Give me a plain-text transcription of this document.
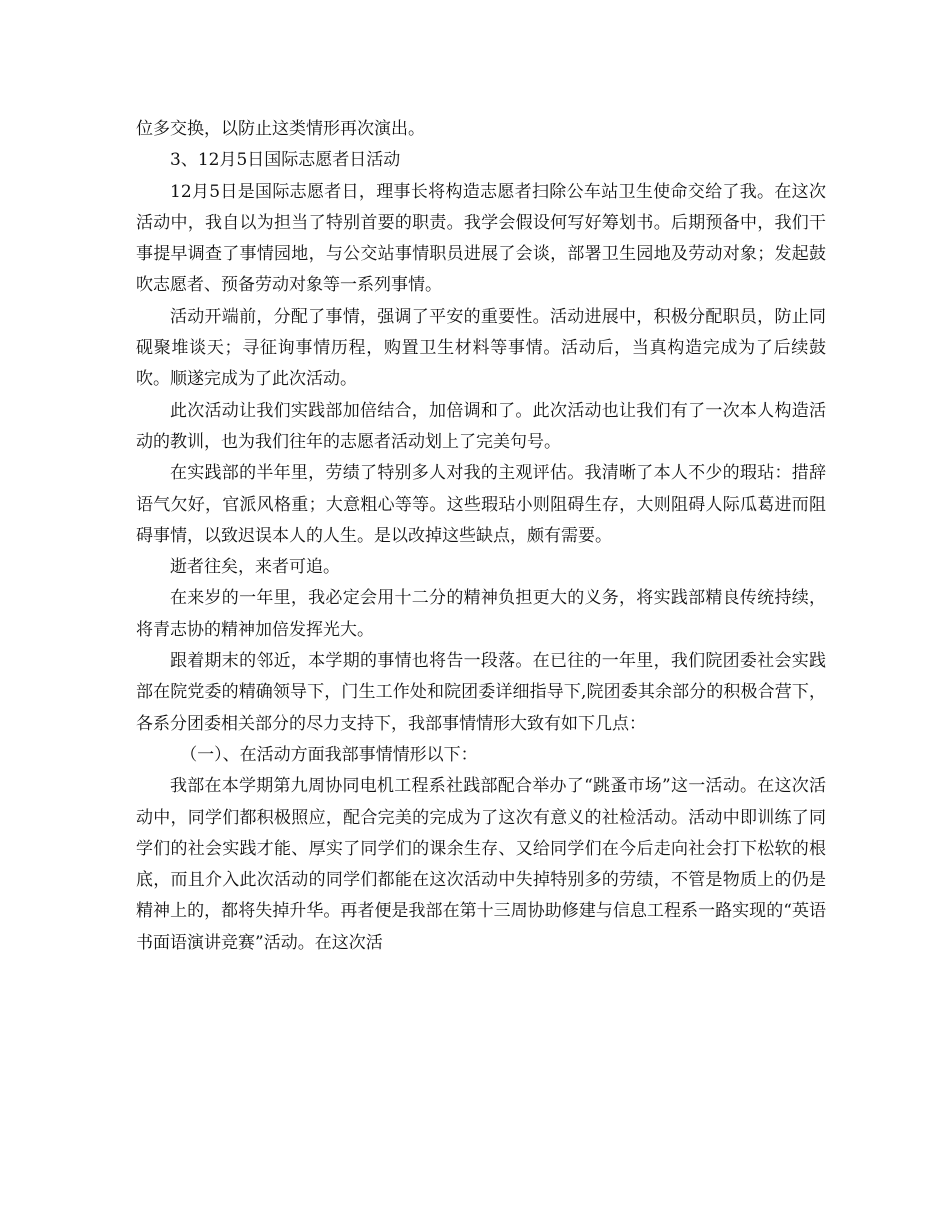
位多交换，以防止这类情形再次演出。

3、12月5日国际志愿者日活动

12月5日是国际志愿者日，理事长将构造志愿者扫除公车站卫生使命交给了我。在这次活动中，我自以为担当了特别首要的职责。我学会假设何写好筹划书。后期预备中，我们干事提早调查了事情园地，与公交站事情职员进展了会谈，部署卫生园地及劳动对象；发起鼓吹志愿者、预备劳动对象等一系列事情。

活动开端前，分配了事情，强调了平安的重要性。活动进展中，积极分配职员，防止同砚聚堆谈天；寻征询事情历程，购置卫生材料等事情。活动后，当真构造完成为了后续鼓吹。顺遂完成为了此次活动。

此次活动让我们实践部加倍结合，加倍调和了。此次活动也让我们有了一次本人构造活动的教训，也为我们往年的志愿者活动划上了完美句号。

在实践部的半年里，劳绩了特别多人对我的主观评估。我清晰了本人不少的瑕玷：措辞语气欠好，官派风格重；大意粗心等等。这些瑕玷小则阻碍生存，大则阻碍人际瓜葛进而阻碍事情，以致迟误本人的人生。是以改掉这些缺点，颇有需要。

逝者往矣，来者可追。

在来岁的一年里，我必定会用十二分的精神负担更大的义务，将实践部精良传统持续，将青志协的精神加倍发挥光大。

跟着期末的邻近，本学期的事情也将告一段落。在已往的一年里，我们院团委社会实践部在院党委的精确领导下，门生工作处和院团委详细指导下,院团委其余部分的积极合营下，各系分团委相关部分的尽力支持下，我部事情情形大致有如下几点：

（一）、在活动方面我部事情情形以下：

我部在本学期第九周协同电机工程系社践部配合举办了“跳蚤市场”这一活动。在这次活动中，同学们都积极照应，配合完美的完成为了这次有意义的社检活动。活动中即训练了同学们的社会实践才能、厚实了同学们的课余生存、又给同学们在今后走向社会打下松软的根底，而且介入此次活动的同学们都能在这次活动中失掉特别多的劳绩，不管是物质上的仍是精神上的，都将失掉升华。再者便是我部在第十三周协助修建与信息工程系一路实现的“英语书面语演讲竞赛”活动。在这次活
